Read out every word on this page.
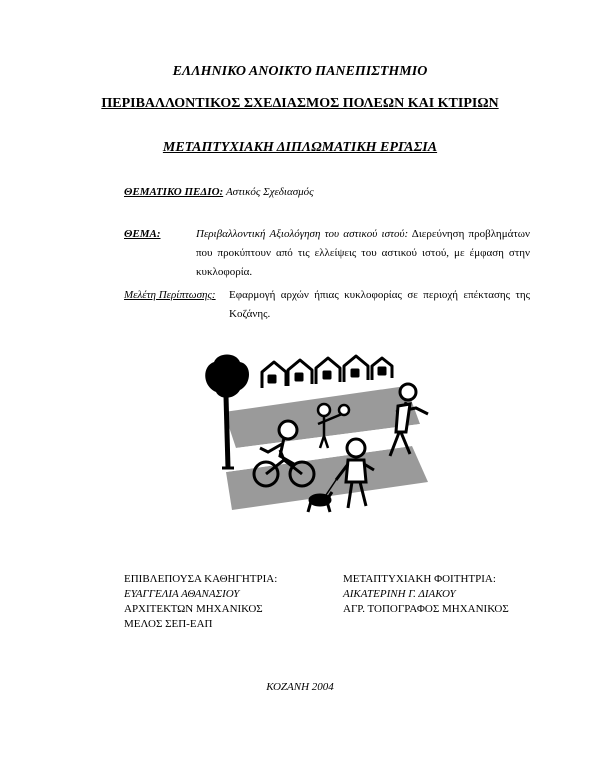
ΕΛΛΗΝΙΚΟ ΑΝΟΙΚΤΟ ΠΑΝΕΠΙΣΤΗΜΙΟ
ΠΕΡΙΒΑΛΛΟΝΤΙΚΟΣ ΣΧΕΔΙΑΣΜΟΣ ΠΟΛΕΩΝ ΚΑΙ ΚΤΙΡΙΩΝ
ΜΕΤΑΠΤΥΧΙΑΚΗ ΔΙΠΛΩΜΑΤΙΚΗ ΕΡΓΑΣΙΑ
ΘΕΜΑΤΙΚΟ ΠΕΔΙΟ: Αστικός Σχεδιασμός
ΘΕΜΑ:	Περιβαλλοντική Αξιολόγηση του αστικού ιστού: Διερεύνηση προβλημάτων που προκύπτουν από τις ελλείψεις του αστικού ιστού, με έμφαση στην κυκλοφορία.
Μελέτη Περίπτωσης: Εφαρμογή αρχών ήπιας κυκλοφορίας σε περιοχή επέκτασης της Κοζάνης.
ΕΠΙΒΛΕΠΟΥΣΑ ΚΑΘΗΓΗΤΡΙΑ:
ΕΥΑΓΓΕΛΙΑ ΑΘΑΝΑΣΙΟΥ
ΑΡΧΙΤΕΚΤΩΝ ΜΗΧΑΝΙΚΟΣ
ΜΕΛΟΣ ΣΕΠ-ΕΑΠ
ΜΕΤΑΠΤΥΧΙΑΚΗ ΦΟΙΤΗΤΡΙΑ:
ΑΙΚΑΤΕΡΙΝΗ Γ. ΔΙΑΚΟΥ
ΑΓΡ. ΤΟΠΟΓΡΑΦΟΣ ΜΗΧΑΝΙΚΟΣ
ΚΟΖΑΝΗ 2004
